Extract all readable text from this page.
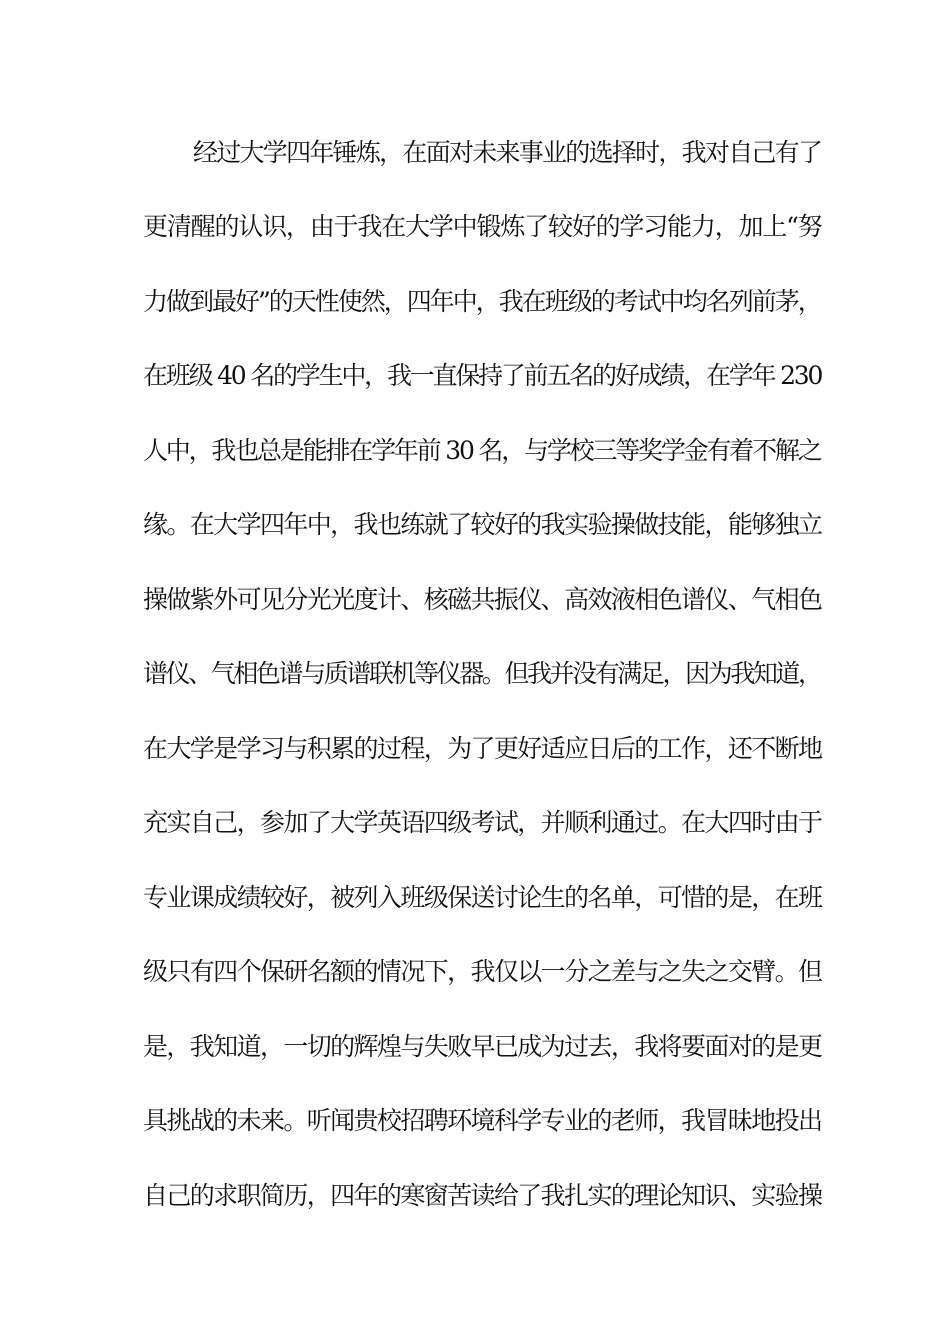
经过大学四年锤炼，在面对未来事业的选择时，我对自己有了
更清醒的认识，由于我在大学中锻炼了较好的学习能力，加上“努
力做到最好”的天性使然，四年中，我在班级的考试中均名列前茅，
在班级 40 名的学生中，我一直保持了前五名的好成绩，在学年 230
人中，我也总是能排在学年前 30 名，与学校三等奖学金有着不解之
缘。在大学四年中，我也练就了较好的我实验操做技能，能够独立
操做紫外可见分光光度计、核磁共振仪、高效液相色谱仪、气相色
谱仪、气相色谱与质谱联机等仪器。但我并没有满足，因为我知道，
在大学是学习与积累的过程，为了更好适应日后的工作，还不断地
充实自己，参加了大学英语四级考试，并顺利通过。在大四时由于
专业课成绩较好，被列入班级保送讨论生的名单，可惜的是，在班
级只有四个保研名额的情况下，我仅以一分之差与之失之交臂。但
是，我知道，一切的辉煌与失败早已成为过去，我将要面对的是更
具挑战的未来。听闻贵校招聘环境科学专业的老师，我冒昧地投出
自己的求职简历，四年的寒窗苦读给了我扎实的理论知识、实验操
